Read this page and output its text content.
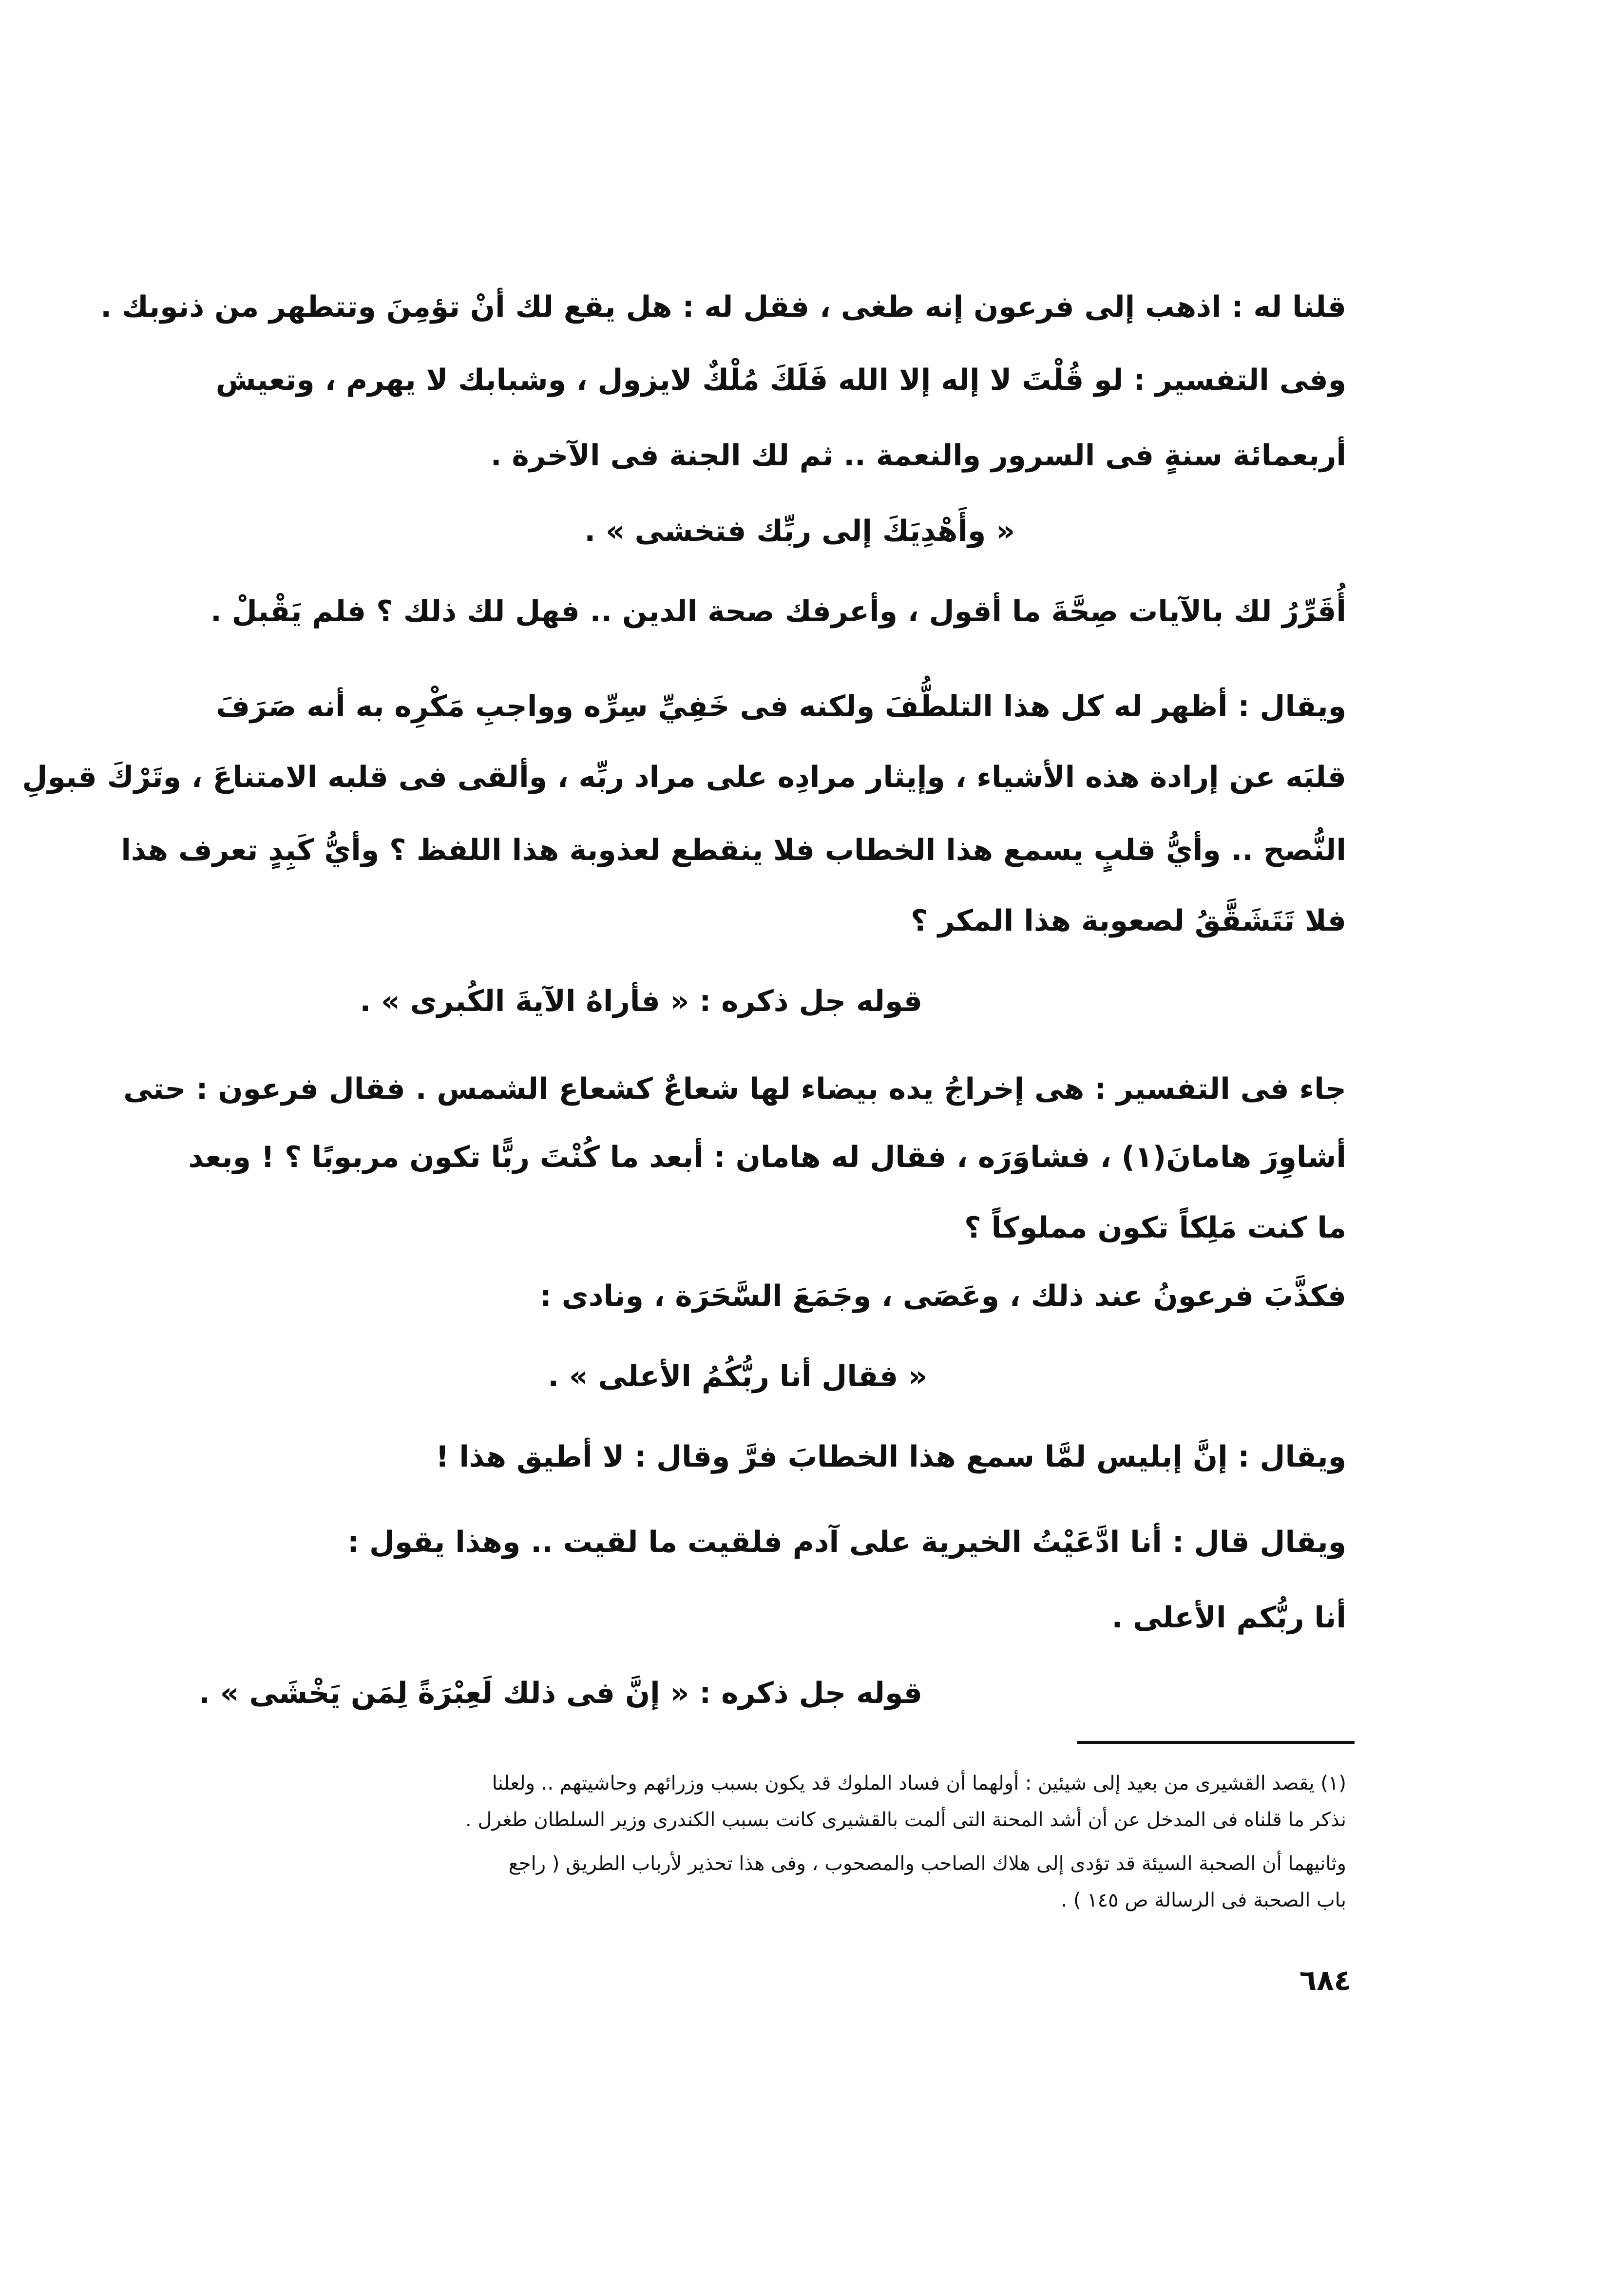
قلنا له : اذهب إلى فرعون إنه طغى ، فقل له : هل يقع لك أنْ تؤمِنَ وتتطهر من ذنوبك .
وفى التفسير : لو قُلْتَ لا إله إلا الله فَلَكَ مُلْكٌ لايزول ، وشبابك لا يهرم ، وتعيش
أربعمائة سنةٍ فى السرور والنعمة .. ثم لك الجنة فى الآخرة .
« وأَهْدِيَكَ إلى ربِّك فتخشى » .
أُقَرِّرُ لك بالآيات صِحَّةَ ما أقول ، وأعرفك صحة الدين .. فهل لك ذلك ؟ فلم يَقْبلْ .
ويقال : أظهر له كل هذا التلطُّفَ ولكنه فى خَفِيِّ سِرِّه وواجبِ مَكْرِه به أنه صَرَفَ
قلبَه عن إرادة هذه الأشياء ، وإيثار مرادِه على مراد ربِّه ، وألقى فى قلبه الامتناعَ ، وتَرْكَ قبولِ
النُّصح .. وأيُّ قلبٍ يسمع هذا الخطاب فلا ينقطع لعذوبة هذا اللفظ ؟ وأيُّ كَبِدٍ تعرف هذا
فلا تَتَشَقَّقُ لصعوبة هذا المكر ؟
قوله جل ذكره : « فأراهُ الآيةَ الكُبرى » .
جاء فى التفسير : هى إخراجُ يده بيضاء لها شعاعٌ كشعاع الشمس . فقال فرعون : حتى
أشاوِرَ هامانَ(١) ، فشاوَرَه ، فقال له هامان : أبعد ما كُنْتَ ربًّا تكون مربوبًا ؟ ! وبعد
ما كنت مَلِكاً تكون مملوكاً ؟
فكذَّبَ فرعونُ عند ذلك ، وعَصَى ، وجَمَعَ السَّحَرَة ، ونادى :
« فقال أنا ربُّكُمُ الأعلى » .
ويقال : إنَّ إبليس لمَّا سمع هذا الخطابَ فرَّ وقال : لا أطيق هذا !
ويقال قال : أنا ادَّعَيْتُ الخيرية على آدم فلقيت ما لقيت .. وهذا يقول :
أنا ربُّكم الأعلى .
قوله جل ذكره : « إنَّ فى ذلك لَعِبْرَةً لِمَن يَخْشَى » .
(١) يقصد القشيرى من بعيد إلى شيئين : أولهما أن فساد الملوك قد يكون بسبب وزرائهم وحاشيتهم .. ولعلنا
نذكر ما قلناه فى المدخل عن أن أشد المحنة التى ألمت بالقشيرى كانت بسبب الكندرى وزير السلطان طغرل .
وثانيهما أن الصحبة السيئة قد تؤدى إلى هلاك الصاحب والمصحوب ، وفى هذا تحذير لأرباب الطريق ( راجع
باب الصحبة فى الرسالة ص ١٤٥ ) .
٦٨٤
